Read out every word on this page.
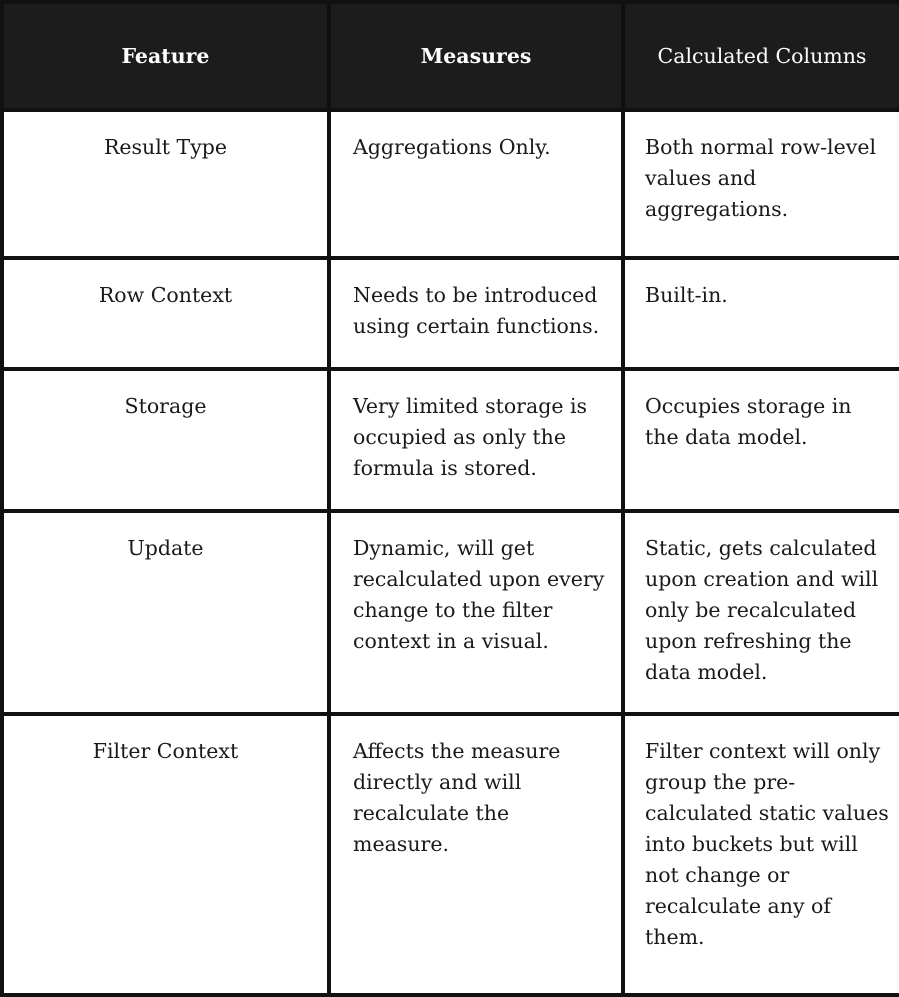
Feature	Measures	Calculated Columns
Result Type	Aggregations Only.	Both normal row-level values and aggregations.
Row Context	Needs to be introduced using certain functions.	Built-in.
Storage	Very limited storage is occupied as only the formula is stored.	Occupies storage in the data model.
Update	Dynamic, will get recalculated upon every change to the filter context in a visual.	Static, gets calculated upon creation and will only be recalculated upon refreshing the data model.
Filter Context	Affects the measure directly and will recalculate the measure.	Filter context will only group the pre-calculated static values into buckets but will not change or recalculate any of them.
